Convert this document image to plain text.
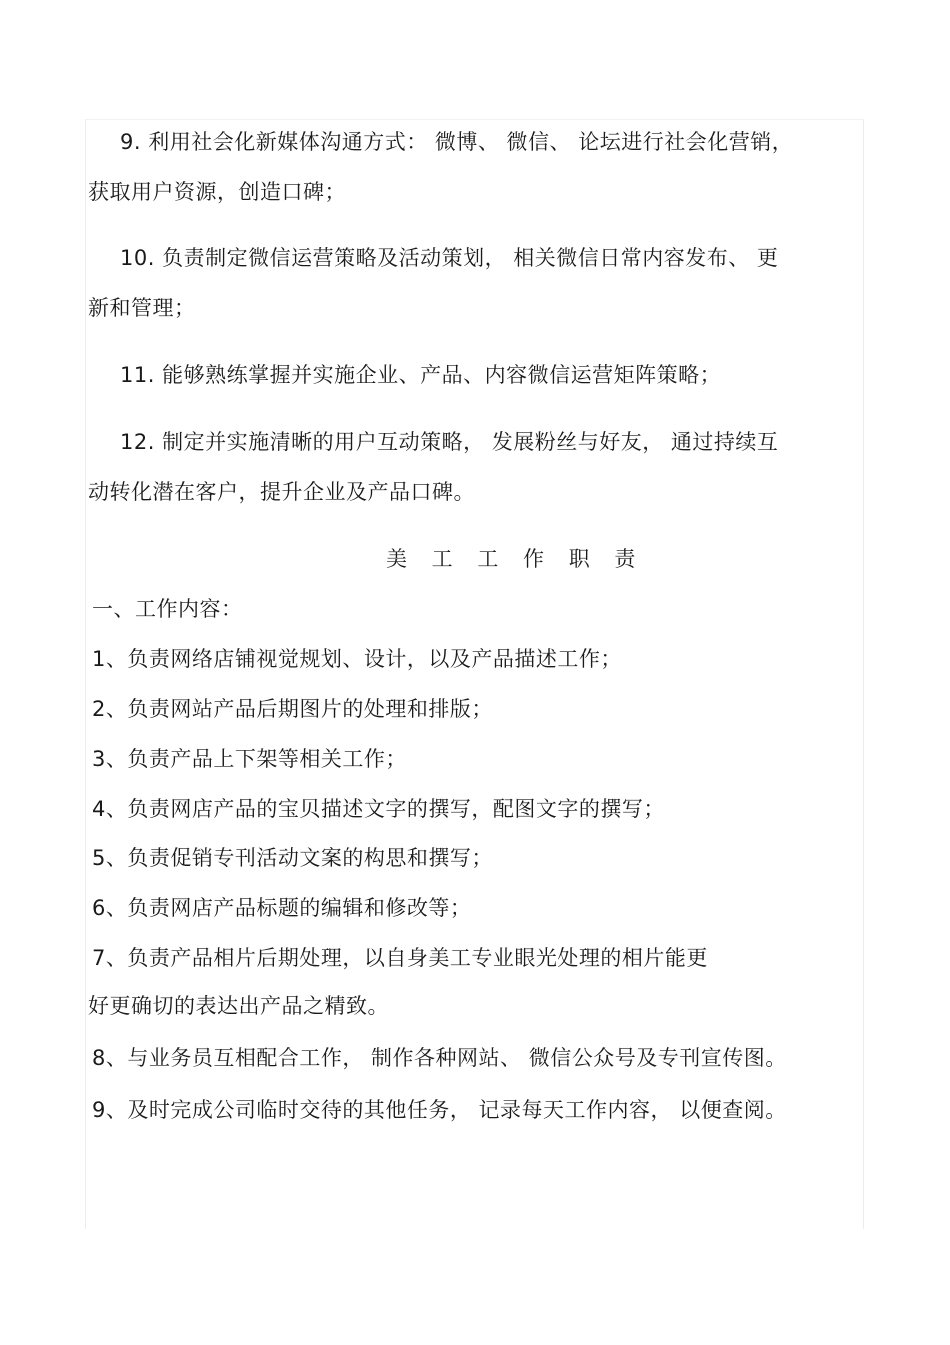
9. 利用社会化新媒体沟通方式： 微博、 微信、 论坛进行社会化营销，
获取用户资源，创造口碑；
10. 负责制定微信运营策略及活动策划， 相关微信日常内容发布、 更
新和管理；
11. 能够熟练掌握并实施企业、产品、内容微信运营矩阵策略；
12. 制定并实施清晰的用户互动策略， 发展粉丝与好友， 通过持续互
动转化潜在客户，提升企业及产品口碑。
美 工 工 作 职 责
一、工作内容：
1、负责网络店铺视觉规划、设计，以及产品描述工作；
2、负责网站产品后期图片的处理和排版；
3、负责产品上下架等相关工作；
4、负责网店产品的宝贝描述文字的撰写，配图文字的撰写；
5、负责促销专刊活动文案的构思和撰写；
6、负责网店产品标题的编辑和修改等；
7、负责产品相片后期处理，以自身美工专业眼光处理的相片能更
好更确切的表达出产品之精致。
8、与业务员互相配合工作， 制作各种网站、 微信公众号及专刊宣传图。
9、及时完成公司临时交待的其他任务， 记录每天工作内容， 以便查阅。
